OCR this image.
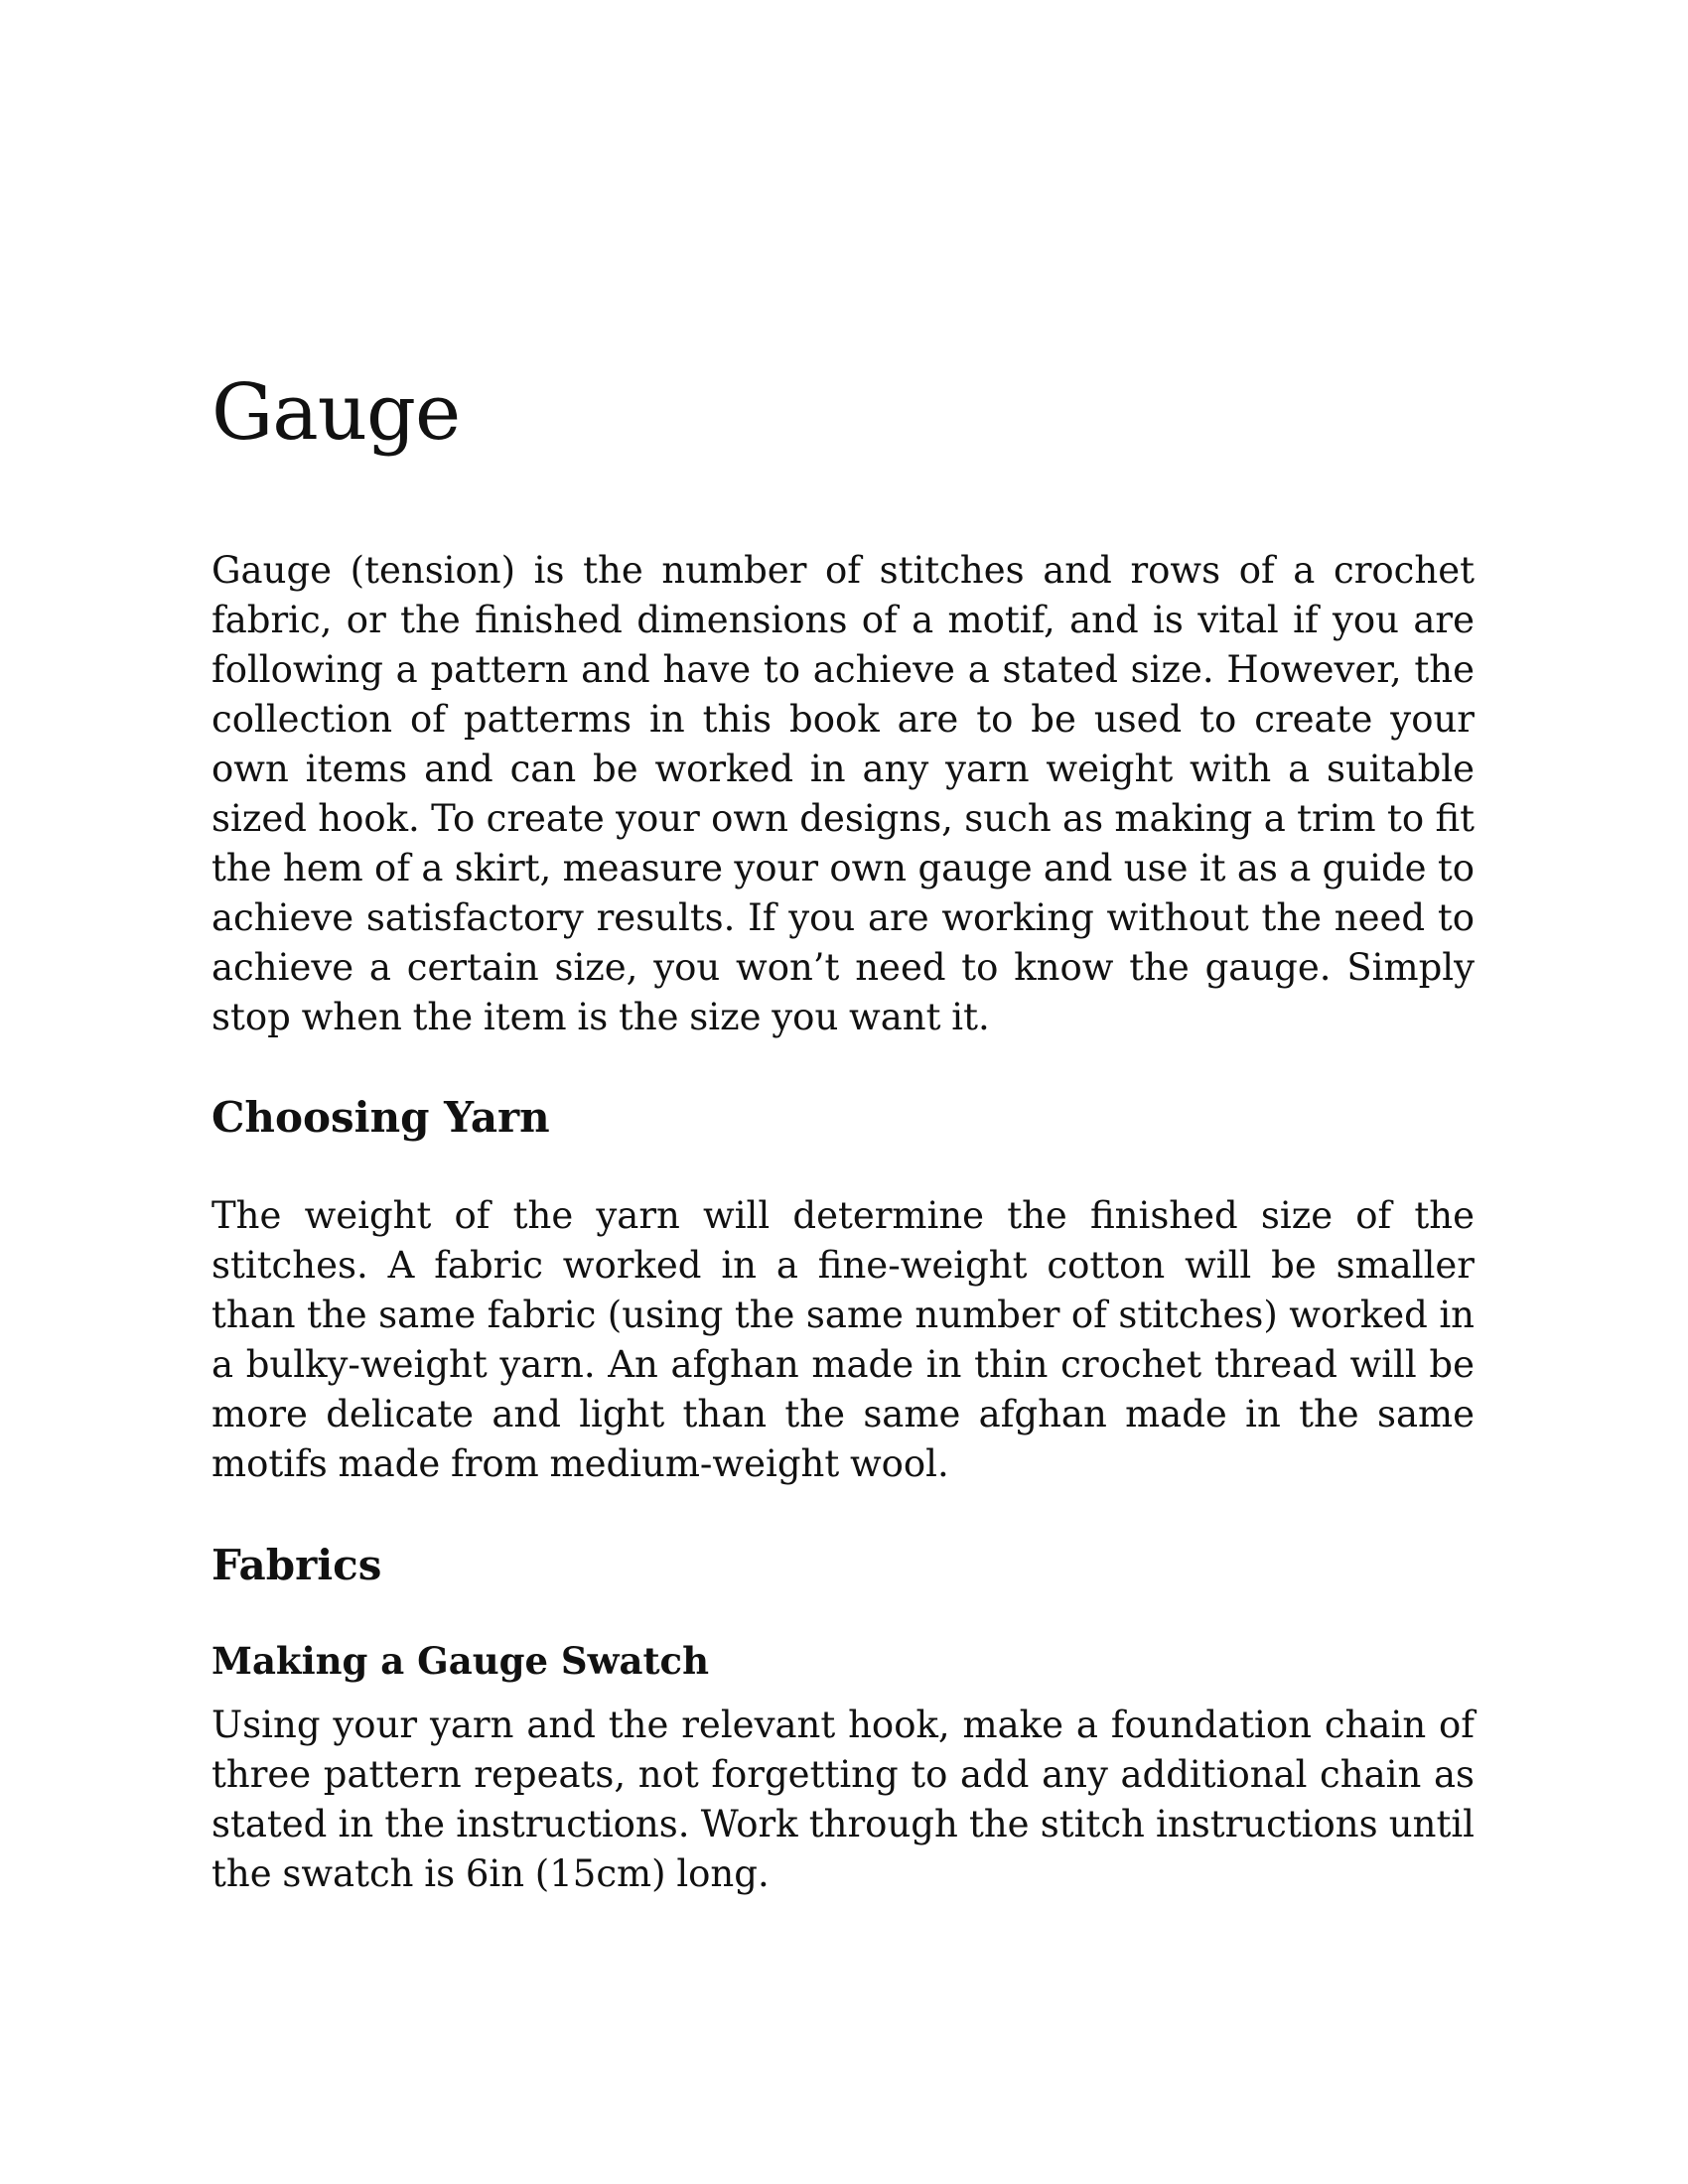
Gauge

Gauge (tension) is the number of stitches and rows of a crochet fabric, or the finished dimensions of a motif, and is vital if you are following a pattern and have to achieve a stated size. However, the collection of patterms in this book are to be used to create your own items and can be worked in any yarn weight with a suitable sized hook. To create your own designs, such as making a trim to fit the hem of a skirt, measure your own gauge and use it as a guide to achieve satisfactory results. If you are working without the need to achieve a certain size, you won’t need to know the gauge. Simply stop when the item is the size you want it.

Choosing Yarn

The weight of the yarn will determine the finished size of the stitches. A fabric worked in a fine-weight cotton will be smaller than the same fabric (using the same number of stitches) worked in a bulky-weight yarn. An afghan made in thin crochet thread will be more delicate and light than the same afghan made in the same motifs made from medium-weight wool.

Fabrics
Making a Gauge Swatch

Using your yarn and the relevant hook, make a foundation chain of three pattern repeats, not forgetting to add any additional chain as stated in the instructions. Work through the stitch instructions until the swatch is 6in (15cm) long.
